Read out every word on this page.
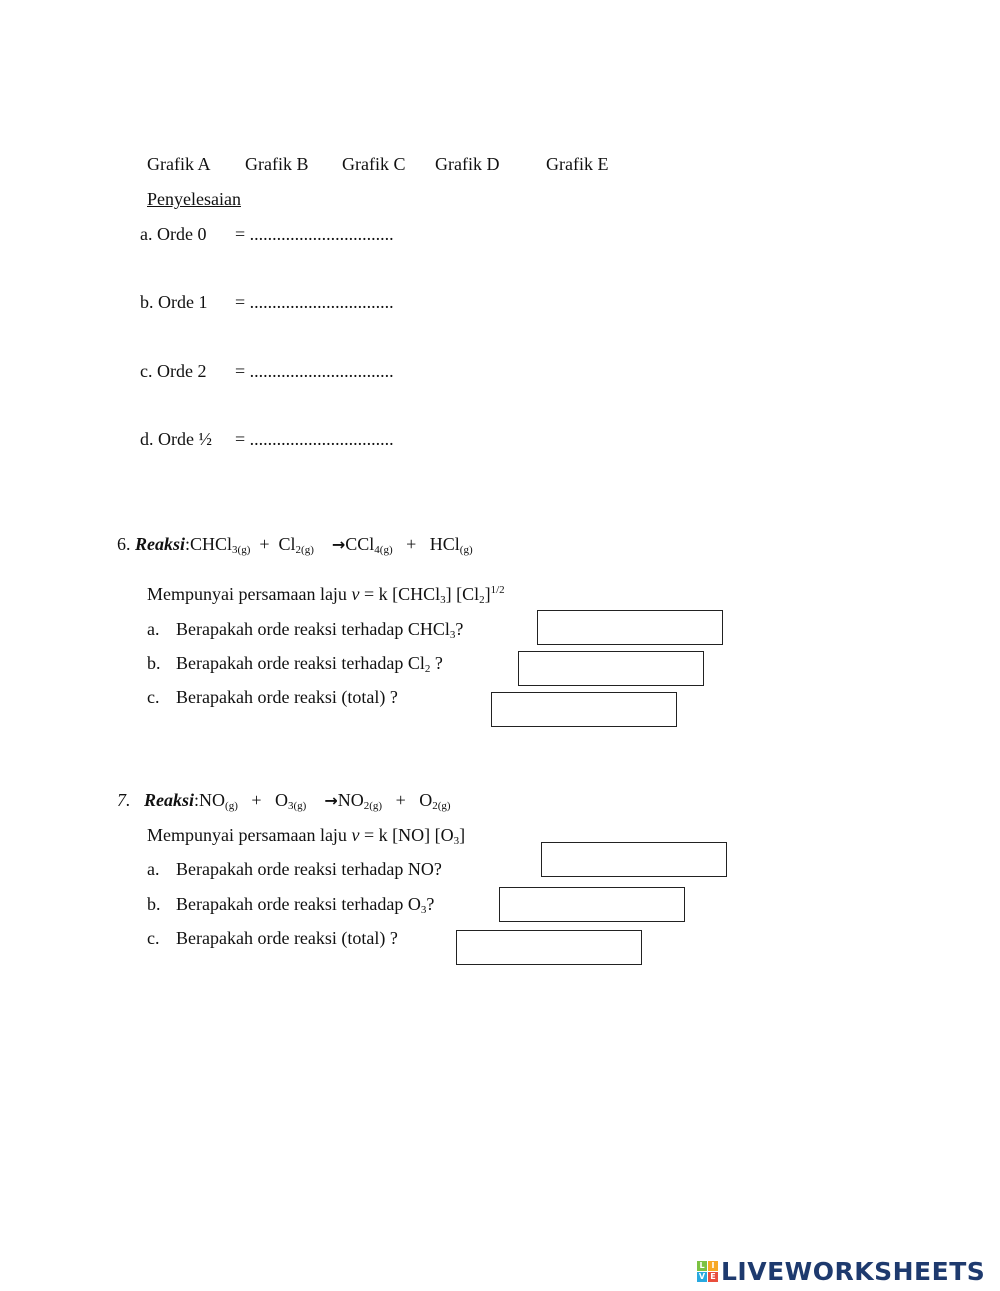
Grafik A Grafik B Grafik C Grafik D	Grafik E
Penyelesaian
a. Orde 0 = ................................
b. Orde 1 = ................................
c. Orde 2 = ................................
d. Orde ½ = ................................
6. Reaksi:CHCl$_{3(g)}$ + $Cl_{2(g)} \to CCl_{4(g)} + HCl_{(g)}$
Mempunyai persamaan laju v = k [CHCl$_3$] $[Cl_2]^{1/2}$
a. Berapakah orde reaksi terhadap CHCl$_3$?
b. Berapakah orde reaksi terhadap $Cl_2$ ?
c. Berapakah orde reaksi (total) ?
7. $Reaksi:NO_{(g)} + O_{3(g)} \to NO_{2(g)} + O_{2(g)}$
Mempunyai persamaan laju v = k [NO] $[O_3]$
a. Berapakah orde reaksi terhadap NO?
b. Berapakah orde reaksi terhadap $O_3$?
c. Berapakah orde reaksi (total) ?
L I
V E LIVEWORKSHEETS
